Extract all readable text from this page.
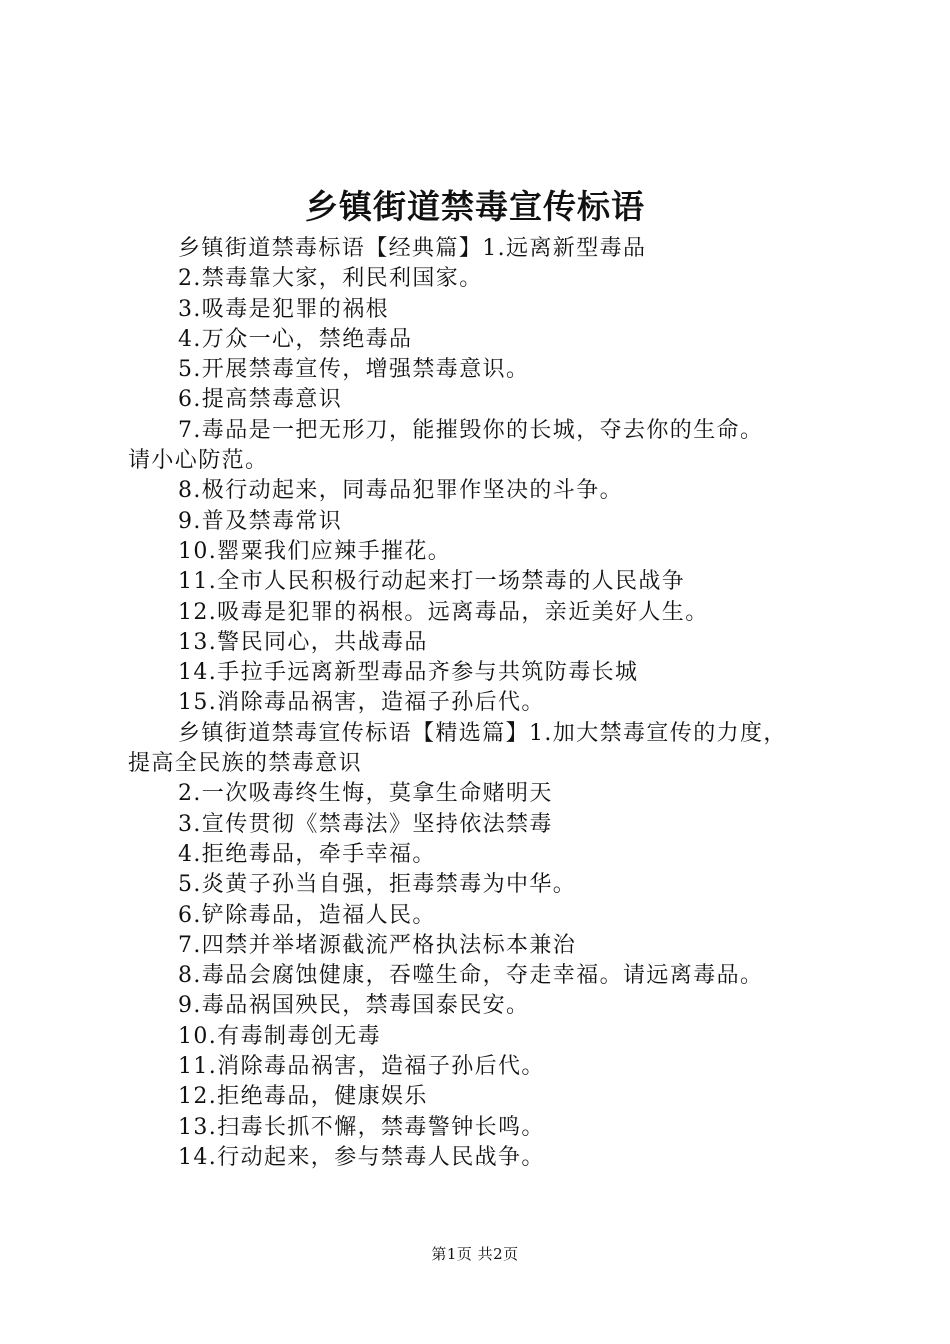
乡镇街道禁毒宣传标语
乡镇街道禁毒标语【经典篇】1.远离新型毒品
2.禁毒靠大家，利民利国家。
3.吸毒是犯罪的祸根
4.万众一心，禁绝毒品
5.开展禁毒宣传，增强禁毒意识。
6.提高禁毒意识
7.毒品是一把无形刀，能摧毁你的长城，夺去你的生命。
请小心防范。
8.极行动起来，同毒品犯罪作坚决的斗争。
9.普及禁毒常识
10.罂粟我们应辣手摧花。
11.全市人民积极行动起来打一场禁毒的人民战争
12.吸毒是犯罪的祸根。远离毒品，亲近美好人生。
13.警民同心，共战毒品
14.手拉手远离新型毒品齐参与共筑防毒长城
15.消除毒品祸害，造福子孙后代。
乡镇街道禁毒宣传标语【精选篇】1.加大禁毒宣传的力度，
提高全民族的禁毒意识
2.一次吸毒终生悔，莫拿生命赌明天
3.宣传贯彻《禁毒法》坚持依法禁毒
4.拒绝毒品，牵手幸福。
5.炎黄子孙当自强，拒毒禁毒为中华。
6.铲除毒品，造福人民。
7.四禁并举堵源截流严格执法标本兼治
8.毒品会腐蚀健康，吞噬生命，夺走幸福。请远离毒品。
9.毒品祸国殃民，禁毒国泰民安。
10.有毒制毒创无毒
11.消除毒品祸害，造福子孙后代。
12.拒绝毒品，健康娱乐
13.扫毒长抓不懈，禁毒警钟长鸣。
14.行动起来，参与禁毒人民战争。
第1页 共2页
